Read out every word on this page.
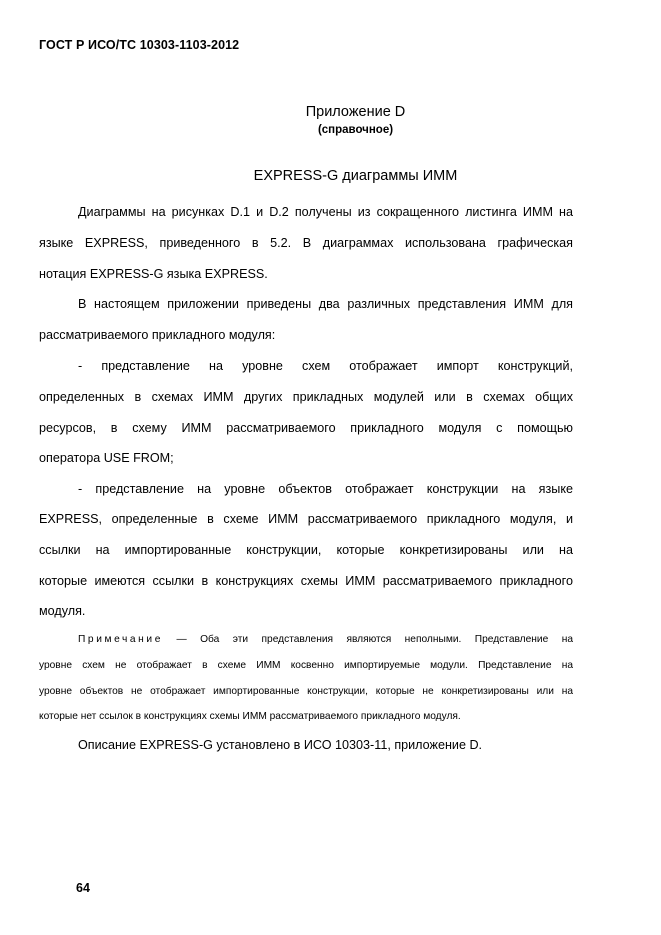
ГОСТ Р ИСО/ТС 10303-1103-2012
Приложение D
(справочное)
EXPRESS-G диаграммы ИММ
Диаграммы на рисунках D.1 и D.2 получены из сокращенного листинга ИММ на
языке EXPRESS, приведенного в 5.2. В диаграммах использована графическая
нотация EXPRESS-G языка EXPRESS.
В настоящем приложении приведены два различных представления ИММ для
рассматриваемого прикладного модуля:
- представление на уровне схем отображает импорт конструкций,
определенных в схемах ИММ других прикладных модулей или в схемах общих
ресурсов, в схему ИММ рассматриваемого прикладного модуля с помощью
оператора USE FROM;
- представление на уровне объектов отображает конструкции на языке
EXPRESS, определенные в схеме ИММ рассматриваемого прикладного модуля, и
ссылки на импортированные конструкции, которые конкретизированы или на
которые имеются ссылки в конструкциях схемы ИММ рассматриваемого прикладного
модуля.
Примечание — Оба эти представления являются неполными. Представление на
уровне схем не отображает в схеме ИММ косвенно импортируемые модули. Представление на
уровне объектов не отображает импортированные конструкции, которые не конкретизированы или на
которые нет ссылок в конструкциях схемы ИММ рассматриваемого прикладного модуля.
Описание EXPRESS-G установлено в ИСО 10303-11, приложение D.
64
